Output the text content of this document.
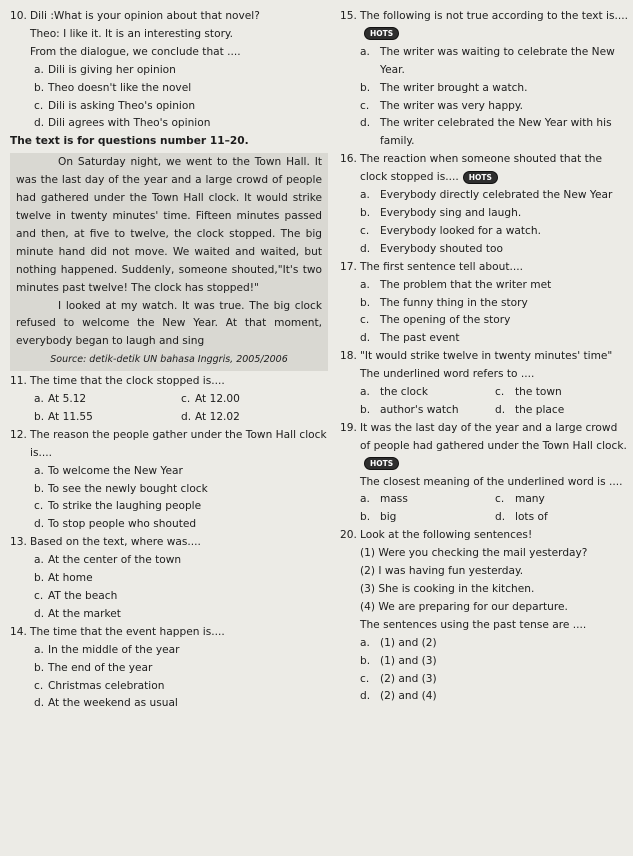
10. Dili :What is your opinion about that novel?
Theo: I like it. It is an interesting story.
From the dialogue, we conclude that ....
a. Dili is giving her opinion
b. Theo doesn't like the novel
c. Dili is asking Theo's opinion
d. Dili agrees with Theo's opinion
The text is for questions number 11–20.

On Saturday night, we went to the Town Hall. It was the last day of the year and a large crowd of people had gathered under the Town Hall clock. It would strike twelve in twenty minutes' time. Fifteen minutes passed and then, at five to twelve, the clock stopped. The big minute hand did not move. We waited and waited, but nothing happened. Suddenly, someone shouted,"It's two minutes past twelve! The clock has stopped!"

I looked at my watch. It was true. The big clock refused to welcome the New Year. At that moment, everybody began to laugh and sing

Source: detik-detik UN bahasa Inggris, 2005/2006
11. The time that the clock stopped is....
a. At 5.12	c. At 12.00
b. At 11.55	d. At 12.02
12. The reason the people gather under the Town Hall clock is....
a. To welcome the New Year
b. To see the newly bought clock
c. To strike the laughing people
d. To stop people who shouted
13. Based on the text, where was....
a. At the center of the town
b. At home
c. AT the beach
d. At the market
14. The time that the event happen is....
a. In the middle of the year
b. The end of the year
c. Christmas celebration
d. At the weekend as usual
15. The following is not true according to the text is....HOTS
a. The writer was waiting to celebrate the New Year.
b. The writer brought a watch.
c.	The writer was very happy.
d. The writer celebrated the New Year with his family.
16. The reaction when someone shouted that the clock stopped is.... HOTS
a. Everybody directly celebrated the New Year
b. Everybody sing and laugh.
c.	Everybody looked for a watch.
d. Everybody shouted too
17. The first sentence tell about....
a. The problem that the writer met
b. The funny thing in the story
c.	The opening of the story
d. The past event
18. "It would strike twelve in twenty minutes' time"
The underlined word refers to ....
a. the clock	c.	the town
b. author's watch	d. the place
19. It was the last day of the year and a large crowd of people had gathered under the Town Hall clock.HOTS
The closest meaning of the underlined word is ....
a. mass	c.	many
b. big	d. lots of
20. Look at the following sentences!
(1) Were you checking the mail yesterday?
(2) I was having fun yesterday.
(3) She is cooking in the kitchen.
(4) We are preparing for our departure.
The sentences using the past tense are ....
a. (1) and (2)
b. (1) and (3)
c.	(2) and (3)
d. (2) and (4)
